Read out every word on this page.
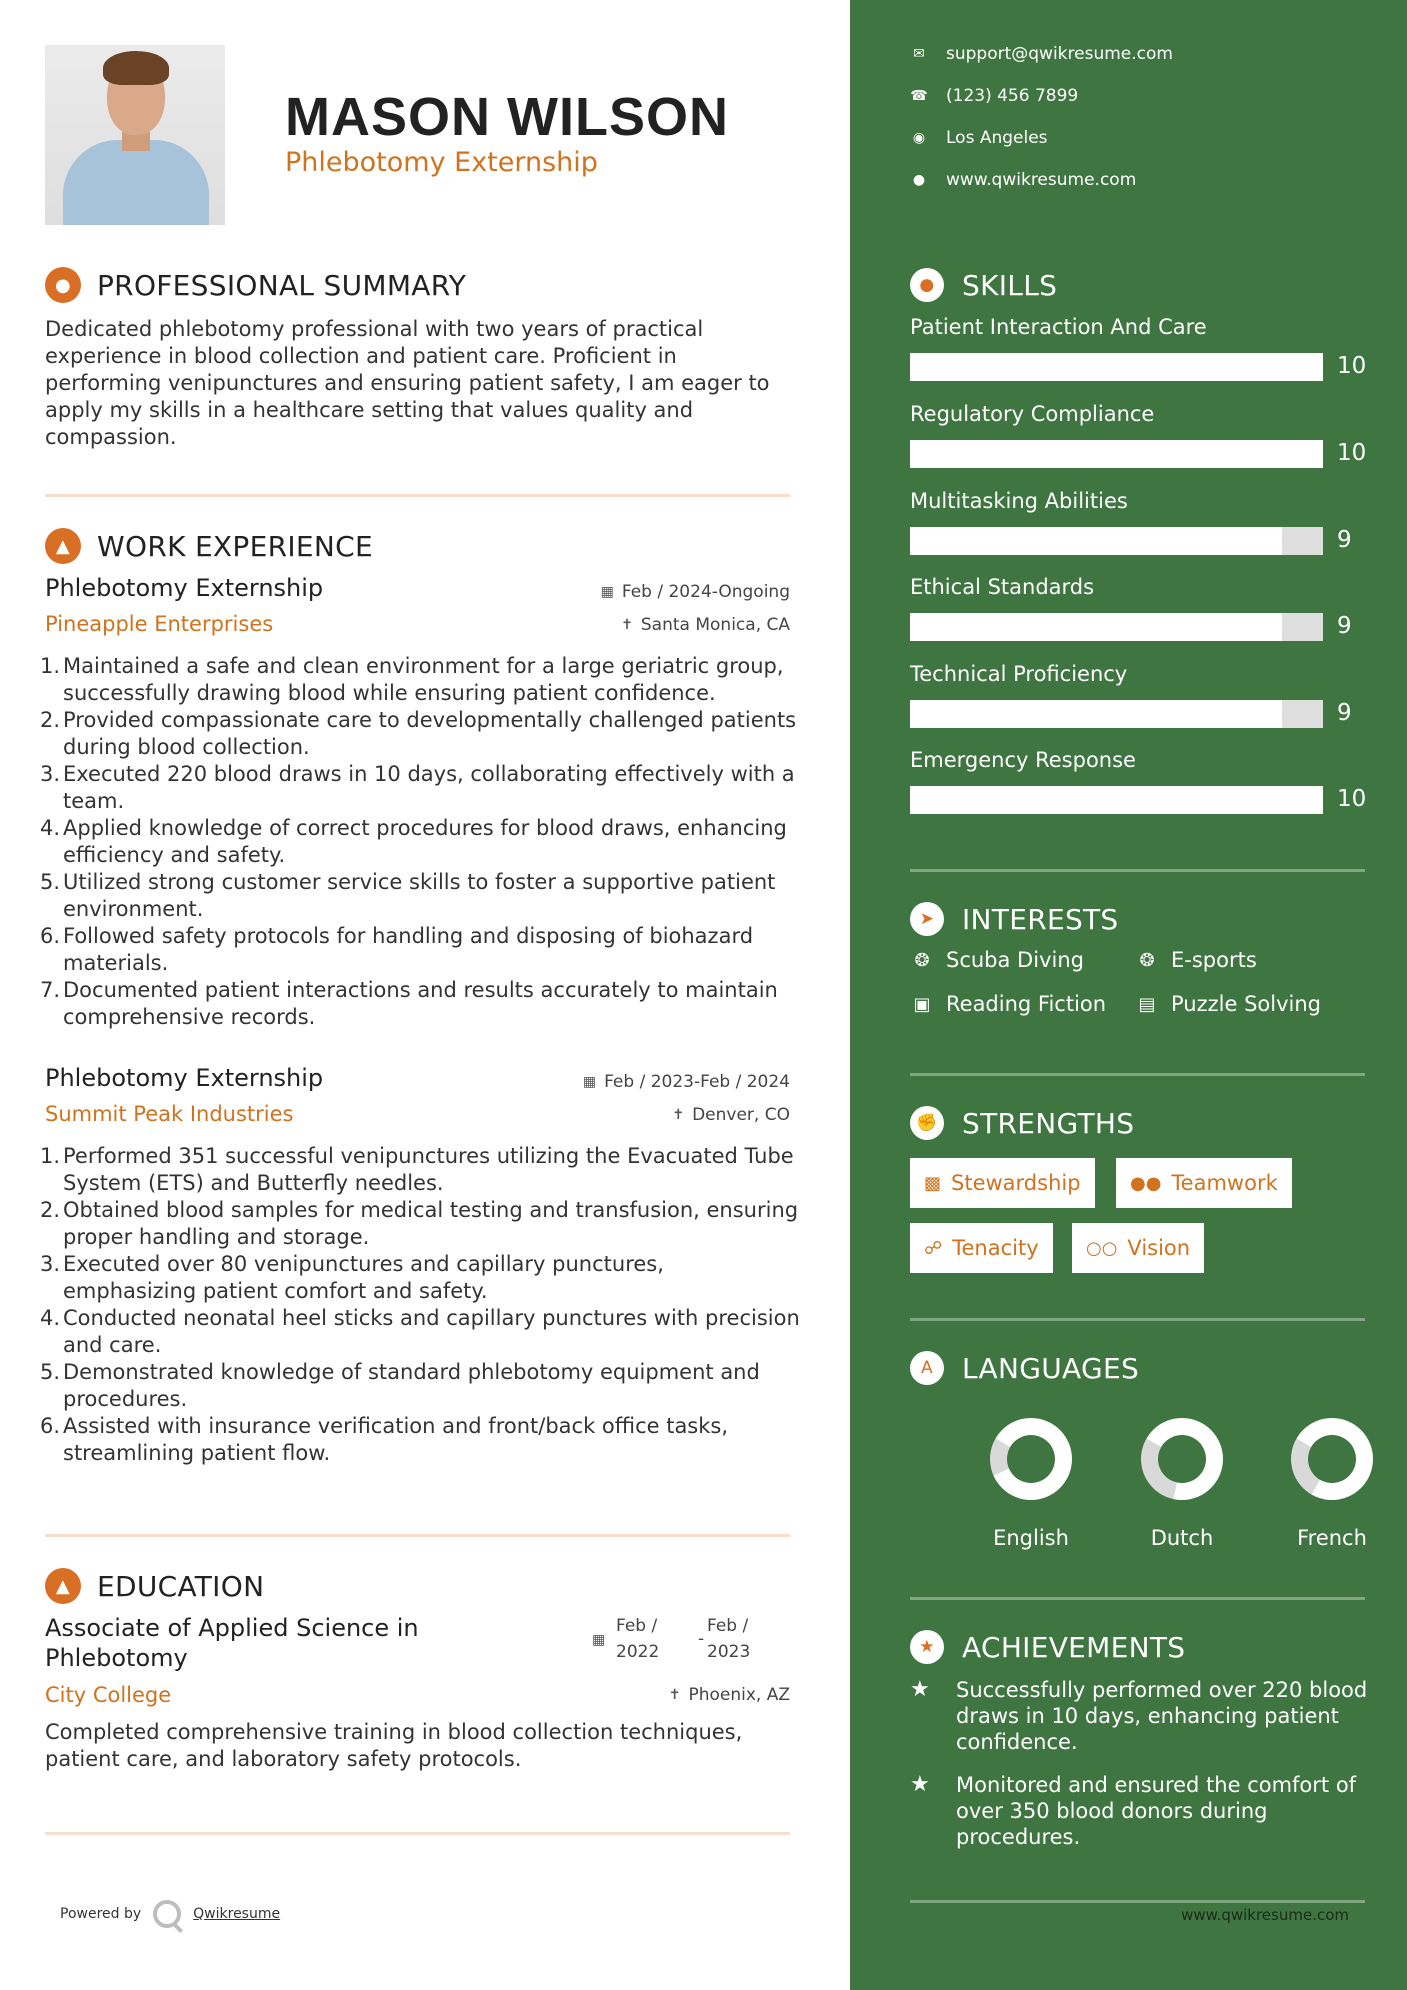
MASON WILSON
Phlebotomy Externship
● PROFESSIONAL SUMMARY
Dedicated phlebotomy professional with two years of practical experience in blood collection and patient care. Proficient in performing venipunctures and ensuring patient safety, I am eager to apply my skills in a healthcare setting that values quality and compassion.
▲ WORK EXPERIENCE
Phlebotomy Externship	▦ Feb / 2024-Ongoing
Pineapple Enterprises	✝ Santa Monica, CA
1. Maintained a safe and clean environment for a large geriatric group, successfully drawing blood while ensuring patient confidence.
2. Provided compassionate care to developmentally challenged patients during blood collection.
3. Executed 220 blood draws in 10 days, collaborating effectively with a team.
4. Applied knowledge of correct procedures for blood draws, enhancing efficiency and safety.
5. Utilized strong customer service skills to foster a supportive patient environment.
6. Followed safety protocols for handling and disposing of biohazard materials.
7. Documented patient interactions and results accurately to maintain comprehensive records.
Phlebotomy Externship	▦ Feb / 2023-Feb / 2024
Summit Peak Industries	✝ Denver, CO
1. Performed 351 successful venipunctures utilizing the Evacuated Tube System (ETS) and Butterfly needles.
2. Obtained blood samples for medical testing and transfusion, ensuring proper handling and storage.
3. Executed over 80 venipunctures and capillary punctures, emphasizing patient comfort and safety.
4. Conducted neonatal heel sticks and capillary punctures with precision and care.
5. Demonstrated knowledge of standard phlebotomy equipment and procedures.
6. Assisted with insurance verification and front/back office tasks, streamlining patient flow.
▲ EDUCATION
Associate of Applied Science in Phlebotomy
▦
Feb /
2022
-
Feb /
2023
City College	✝ Phoenix, AZ
Completed comprehensive training in blood collection techniques, patient care, and laboratory safety protocols.
Powered by	Qwikresume
✉ support@qwikresume.com
☎ (123) 456 7899
◉ Los Angeles
● www.qwikresume.com
● SKILLS
Patient Interaction And Care
10
Regulatory Compliance
10
Multitasking Abilities
9
Ethical Standards
9
Technical Proficiency
9
Emergency Response
10
➤ INTERESTS
❂ Scuba Diving	❂ E-sports
▣ Reading Fiction ▤ Puzzle Solving
✊ STRENGTHS
▩ Stewardship	●● Teamwork
☍ Tenacity	○○ Vision
A	LANGUAGES
English	Dutch	French
★ ACHIEVEMENTS
★	Successfully performed over 220 blood draws in 10 days, enhancing patient confidence.
★	Monitored and ensured the comfort of over 350 blood donors during procedures.
www.qwikresume.com
